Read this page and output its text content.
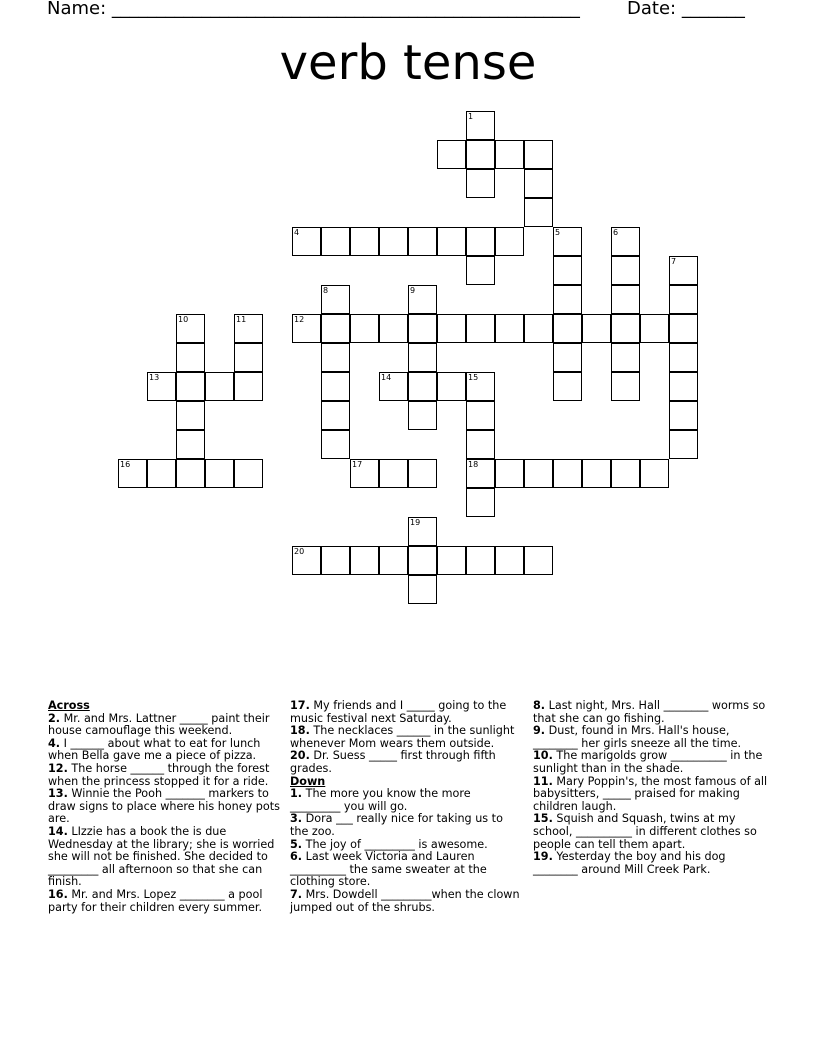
Name: ____________________________________________________	Date: _______
verb tense
1
4	5	6
7
8	9
10	11	12
13	14	15
16	17	18
19
20

Across

2. Mr. and Mrs. Lattner _____ paint their house camouflage this weekend.

4. I ______ about what to eat for lunch when Bella gave me a piece of pizza.

12. The horse ______ through the forest when the princess stopped it for a ride.

13. Winnie the Pooh _______ markers to draw signs to place where his honey pots are.

14. LIzzie has a book the is due Wednesday at the library; she is worried she will not be finished. She decided to _________ all afternoon so that she can finish.

16. Mr. and Mrs. Lopez ________ a pool party for their children every summer.

17. My friends and I _____ going to the music festival next Saturday.

18. The necklaces ______ in the sunlight whenever Mom wears them outside.

20. Dr. Suess _____ first through fifth grades.

Down

1. The more you know the more _________ you will go.

3. Dora ___ really nice for taking us to the zoo.

5. The joy of _________ is awesome.

6. Last week Victoria and Lauren __________ the same sweater at the clothing store.

7. Mrs. Dowdell _________when the clown jumped out of the shrubs.

8. Last night, Mrs. Hall ________ worms so that she can go fishing.

9. Dust, found in Mrs. Hall's house, ________ her girls sneeze all the time.

10. The marigolds grow __________ in the sunlight than in the shade.

11. Mary Poppin's, the most famous of all babysitters, _____ praised for making children laugh.

15. Squish and Squash, twins at my school, __________ in different clothes so people can tell them apart.

19. Yesterday the boy and his dog ________ around Mill Creek Park.
